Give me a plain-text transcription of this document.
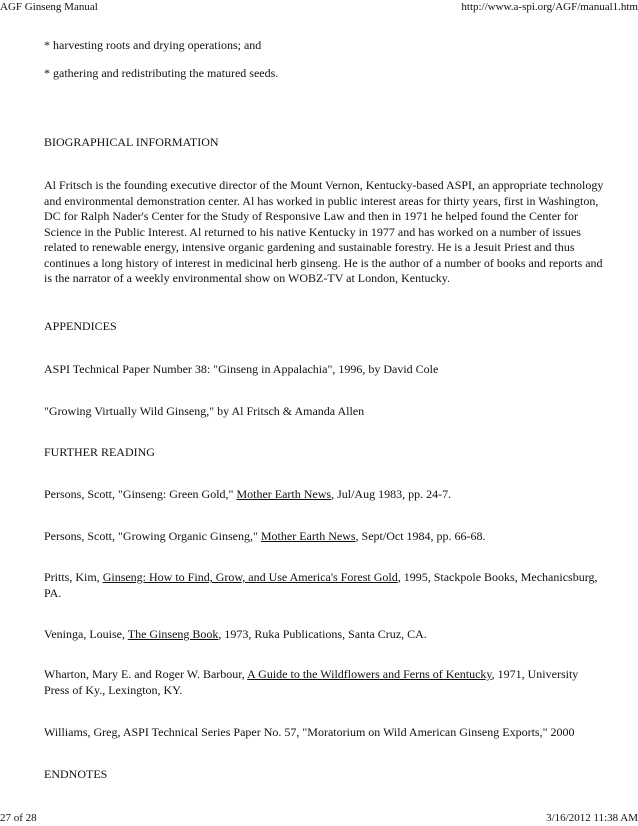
AGF Ginseng Manual	http://www.a-spi.org/AGF/manual1.htm
* harvesting roots and drying operations; and
* gathering and redistributing the matured seeds.
BIOGRAPHICAL INFORMATION
Al Fritsch is the founding executive director of the Mount Vernon, Kentucky-based ASPI, an appropriate technology and environmental demonstration center. Al has worked in public interest areas for thirty years, first in Washington, DC for Ralph Nader's Center for the Study of Responsive Law and then in 1971 he helped found the Center for Science in the Public Interest. Al returned to his native Kentucky in 1977 and has worked on a number of issues related to renewable energy, intensive organic gardening and sustainable forestry. He is a Jesuit Priest and thus continues a long history of interest in medicinal herb ginseng. He is the author of a number of books and reports and is the narrator of a weekly environmental show on WOBZ-TV at London, Kentucky.
APPENDICES
ASPI Technical Paper Number 38: "Ginseng in Appalachia", 1996, by David Cole
"Growing Virtually Wild Ginseng," by Al Fritsch & Amanda Allen
FURTHER READING
Persons, Scott, "Ginseng: Green Gold," Mother Earth News, Jul/Aug 1983, pp. 24-7.
Persons, Scott, "Growing Organic Ginseng," Mother Earth News, Sept/Oct 1984, pp. 66-68.
Pritts, Kim, Ginseng: How to Find, Grow, and Use America's Forest Gold, 1995, Stackpole Books, Mechanicsburg, PA.
Veninga, Louise, The Ginseng Book, 1973, Ruka Publications, Santa Cruz, CA.
Wharton, Mary E. and Roger W. Barbour, A Guide to the Wildflowers and Ferns of Kentucky, 1971, University Press of Ky., Lexington, KY.
Williams, Greg, ASPI Technical Series Paper No. 57, "Moratorium on Wild American Ginseng Exports," 2000
ENDNOTES
27 of 28	3/16/2012 11:38 AM
